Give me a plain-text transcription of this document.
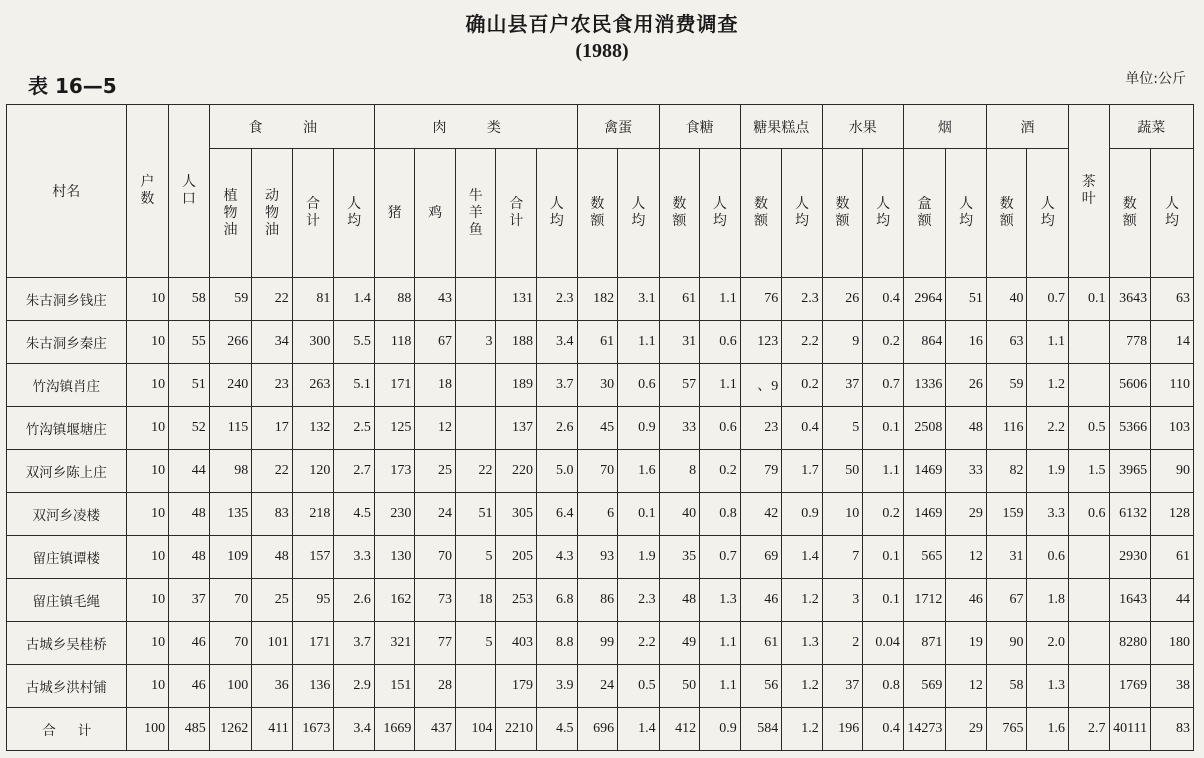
确山县百户农民食用消费调查
(1988)
表 16—5	单位:公斤
村名	户数	人口	食 油				肉 类					禽蛋		食糖		糖果糕点		水果		烟		酒		茶叶	蔬菜	

			植物油	动物油	合计	人均	猪	鸡	牛羊鱼	合计	人均	数额	人均	数额	人均	数额	人均	数额	人均	盒额	人均	数额	人均		数额	人均

朱古洞乡钱庄	10	58	59	22	81	1.4	88	43		131	2.3	182	3.1	61	1.1	76	2.3	26	0.4	2964	51	40	0.7	0.1	3643	63
朱古洞乡秦庄	10	55	266	34	300	5.5	118	67	3	188	3.4	61	1.1	31	0.6	123	2.2	9	0.2	864	16	63	1.1		778	14
竹沟镇肖庄	10	51	240	23	263	5.1	171	18		189	3.7	30	0.6	57	1.1	、9	0.2	37	0.7	1336	26	59	1.2		5606	110
竹沟镇堰塘庄	10	52	115	17	132	2.5	125	12		137	2.6	45	0.9	33	0.6	23	0.4	5	0.1	2508	48	116	2.2	0.5	5366	103
双河乡陈上庄	10	44	98	22	120	2.7	173	25	22	220	5.0	70	1.6	8	0.2	79	1.7	50	1.1	1469	33	82	1.9	1.5	3965	90
双河乡凌楼	10	48	135	83	218	4.5	230	24	51	305	6.4	6	0.1	40	0.8	42	0.9	10	0.2	1469	29	159	3.3	0.6	6132	128
留庄镇谭楼	10	48	109	48	157	3.3	130	70	5	205	4.3	93	1.9	35	0.7	69	1.4	7	0.1	565	12	31	0.6		2930	61
留庄镇毛绳	10	37	70	25	95	2.6	162	73	18	253	6.8	86	2.3	48	1.3	46	1.2	3	0.1	1712	46	67	1.8		1643	44
古城乡吴桂桥	10	46	70	101	171	3.7	321	77	5	403	8.8	99	2.2	49	1.1	61	1.3	2	0.04	871	19	90	2.0		8280	180
古城乡洪村铺	10	46	100	36	136	2.9	151	28		179	3.9	24	0.5	50	1.1	56	1.2	37	0.8	569	12	58	1.3		1769	38
合计	100	485	1262	411	1673	3.4	1669	437	104	2210	4.5	696	1.4	412	0.9	584	1.2	196	0.4	14273	29	765	1.6	2.7	40111	83
